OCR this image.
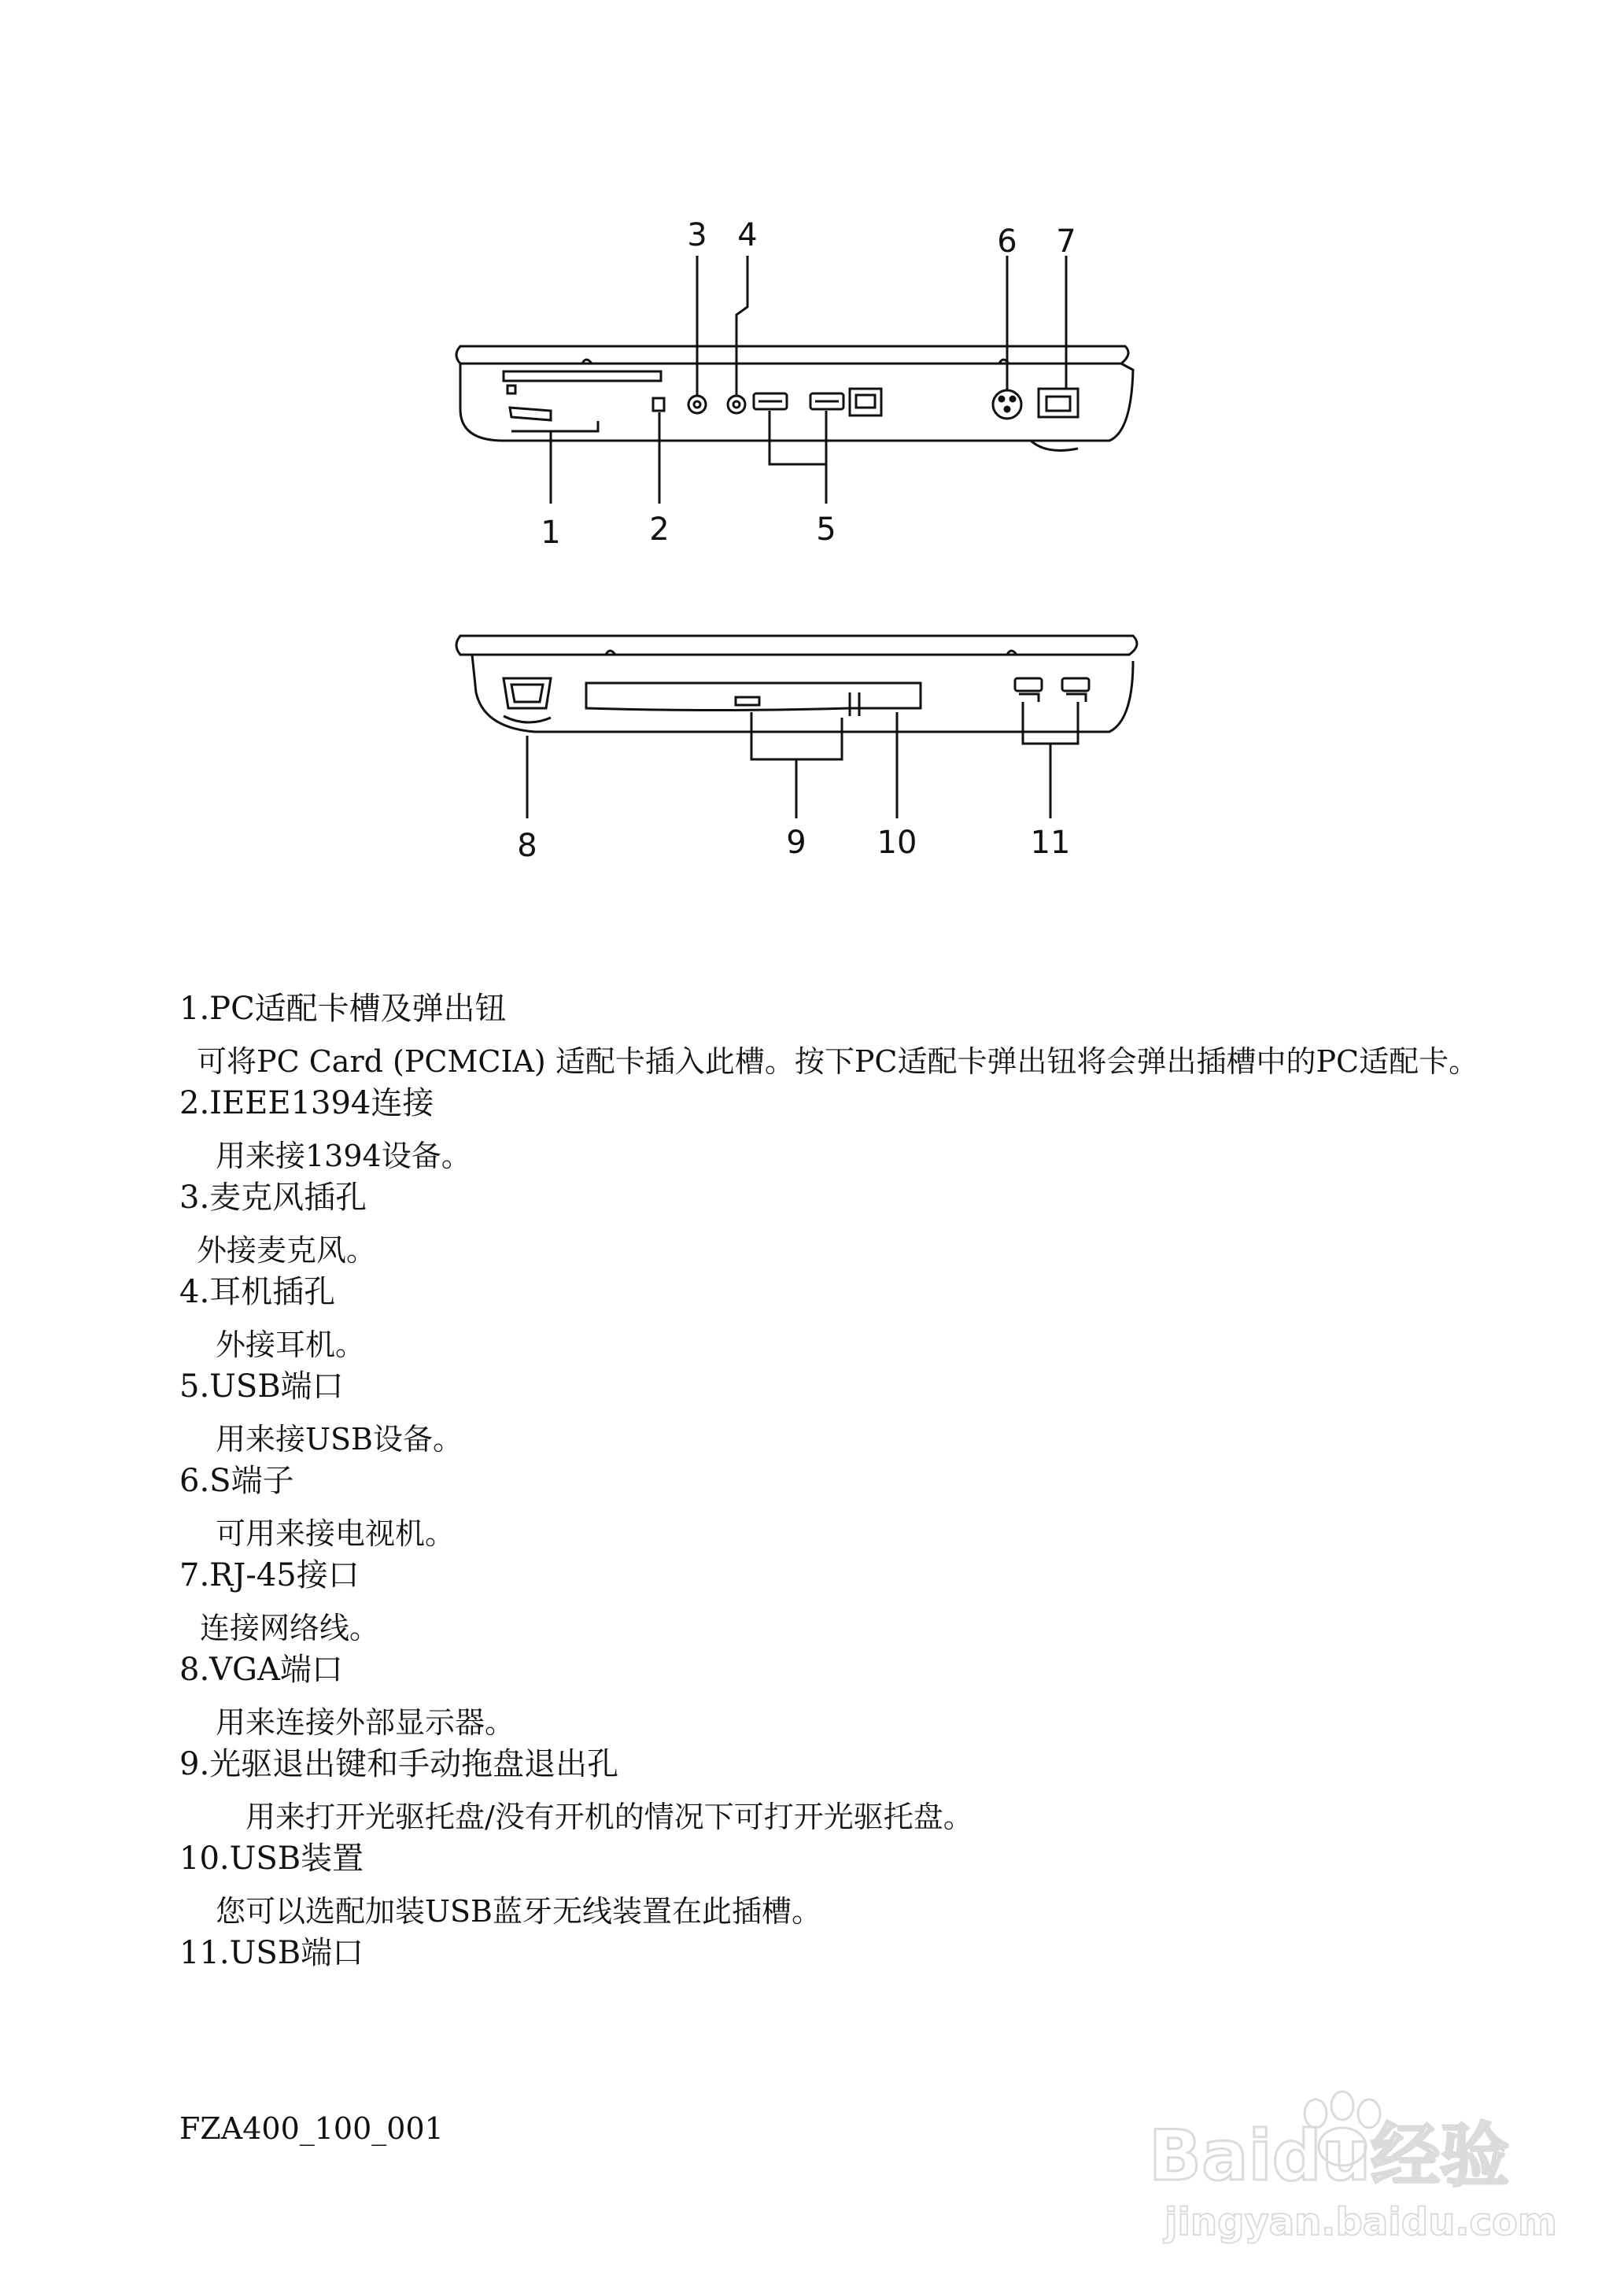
1	2
3 4
5
6 7
8	9 10	11
1.PC适配卡槽及弹出钮
可将PC Card (PCMCIA) 适配卡插入此槽。按下PC适配卡弹出钮将会弹出插槽中的PC适配卡。
2.IEEE1394连接
用来接1394设备。
3.麦克风插孔
外接麦克风。
4.耳机插孔
外接耳机。
5.USB端口
用来接USB设备。
6.S端子
可用来接电视机。
7.RJ-45接口
连接网络线。
8.VGA端口
用来连接外部显示器。
9.光驱退出键和手动拖盘退出孔
用来打开光驱托盘/没有开机的情况下可打开光驱托盘。
10.USB装置
您可以选配加装USB蓝牙无线装置在此插槽。
11.USB端口
FZA400_100_001	Baidu经验
jingyan.baidu.com
